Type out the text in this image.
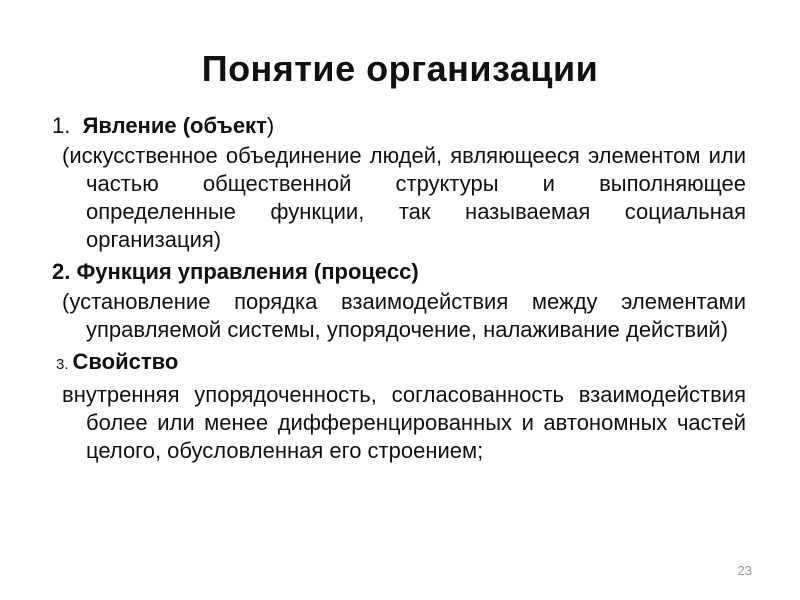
Понятие организации
1. Явление (объект)
(искусственное объединение людей, являющееся элементом или частью общественной структуры и выполняющее определенные функции, так называемая социальная организация)
2. Функция управления (процесс)
(установление порядка взаимодействия между элементами управляемой системы, упорядочение, налаживание действий)
3. Свойство
внутренняя упорядоченность, согласованность взаимодействия более или менее дифференцированных и автономных частей целого, обусловленная его строением;
23
